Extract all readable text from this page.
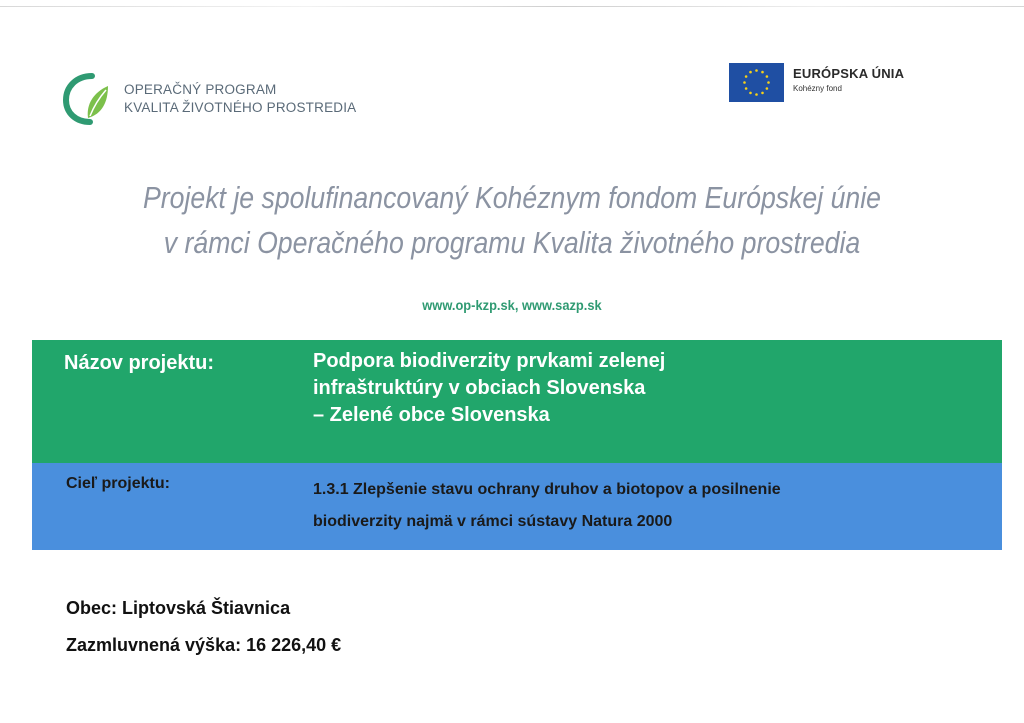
OPERAČNÝ PROGRAM
KVALITA ŽIVOTNÉHO PROSTREDIA
EURÓPSKA ÚNIA
Kohézny fond
Projekt je spolufinancovaný Kohéznym fondom Európskej únie
v rámci Operačného programu Kvalita životného prostredia
www.op-kzp.sk, www.sazp.sk
Názov projektu:	Podpora biodiverzity prvkami zelenej
infraštruktúry v obciach Slovenska
– Zelené obce Slovenska
Cieľ projektu:	1.3.1 Zlepšenie stavu ochrany druhov a biotopov a posilnenie
biodiverzity najmä v rámci sústavy Natura 2000
Obec: Liptovská Štiavnica
Zazmluvnená výška: 16 226,40 €
